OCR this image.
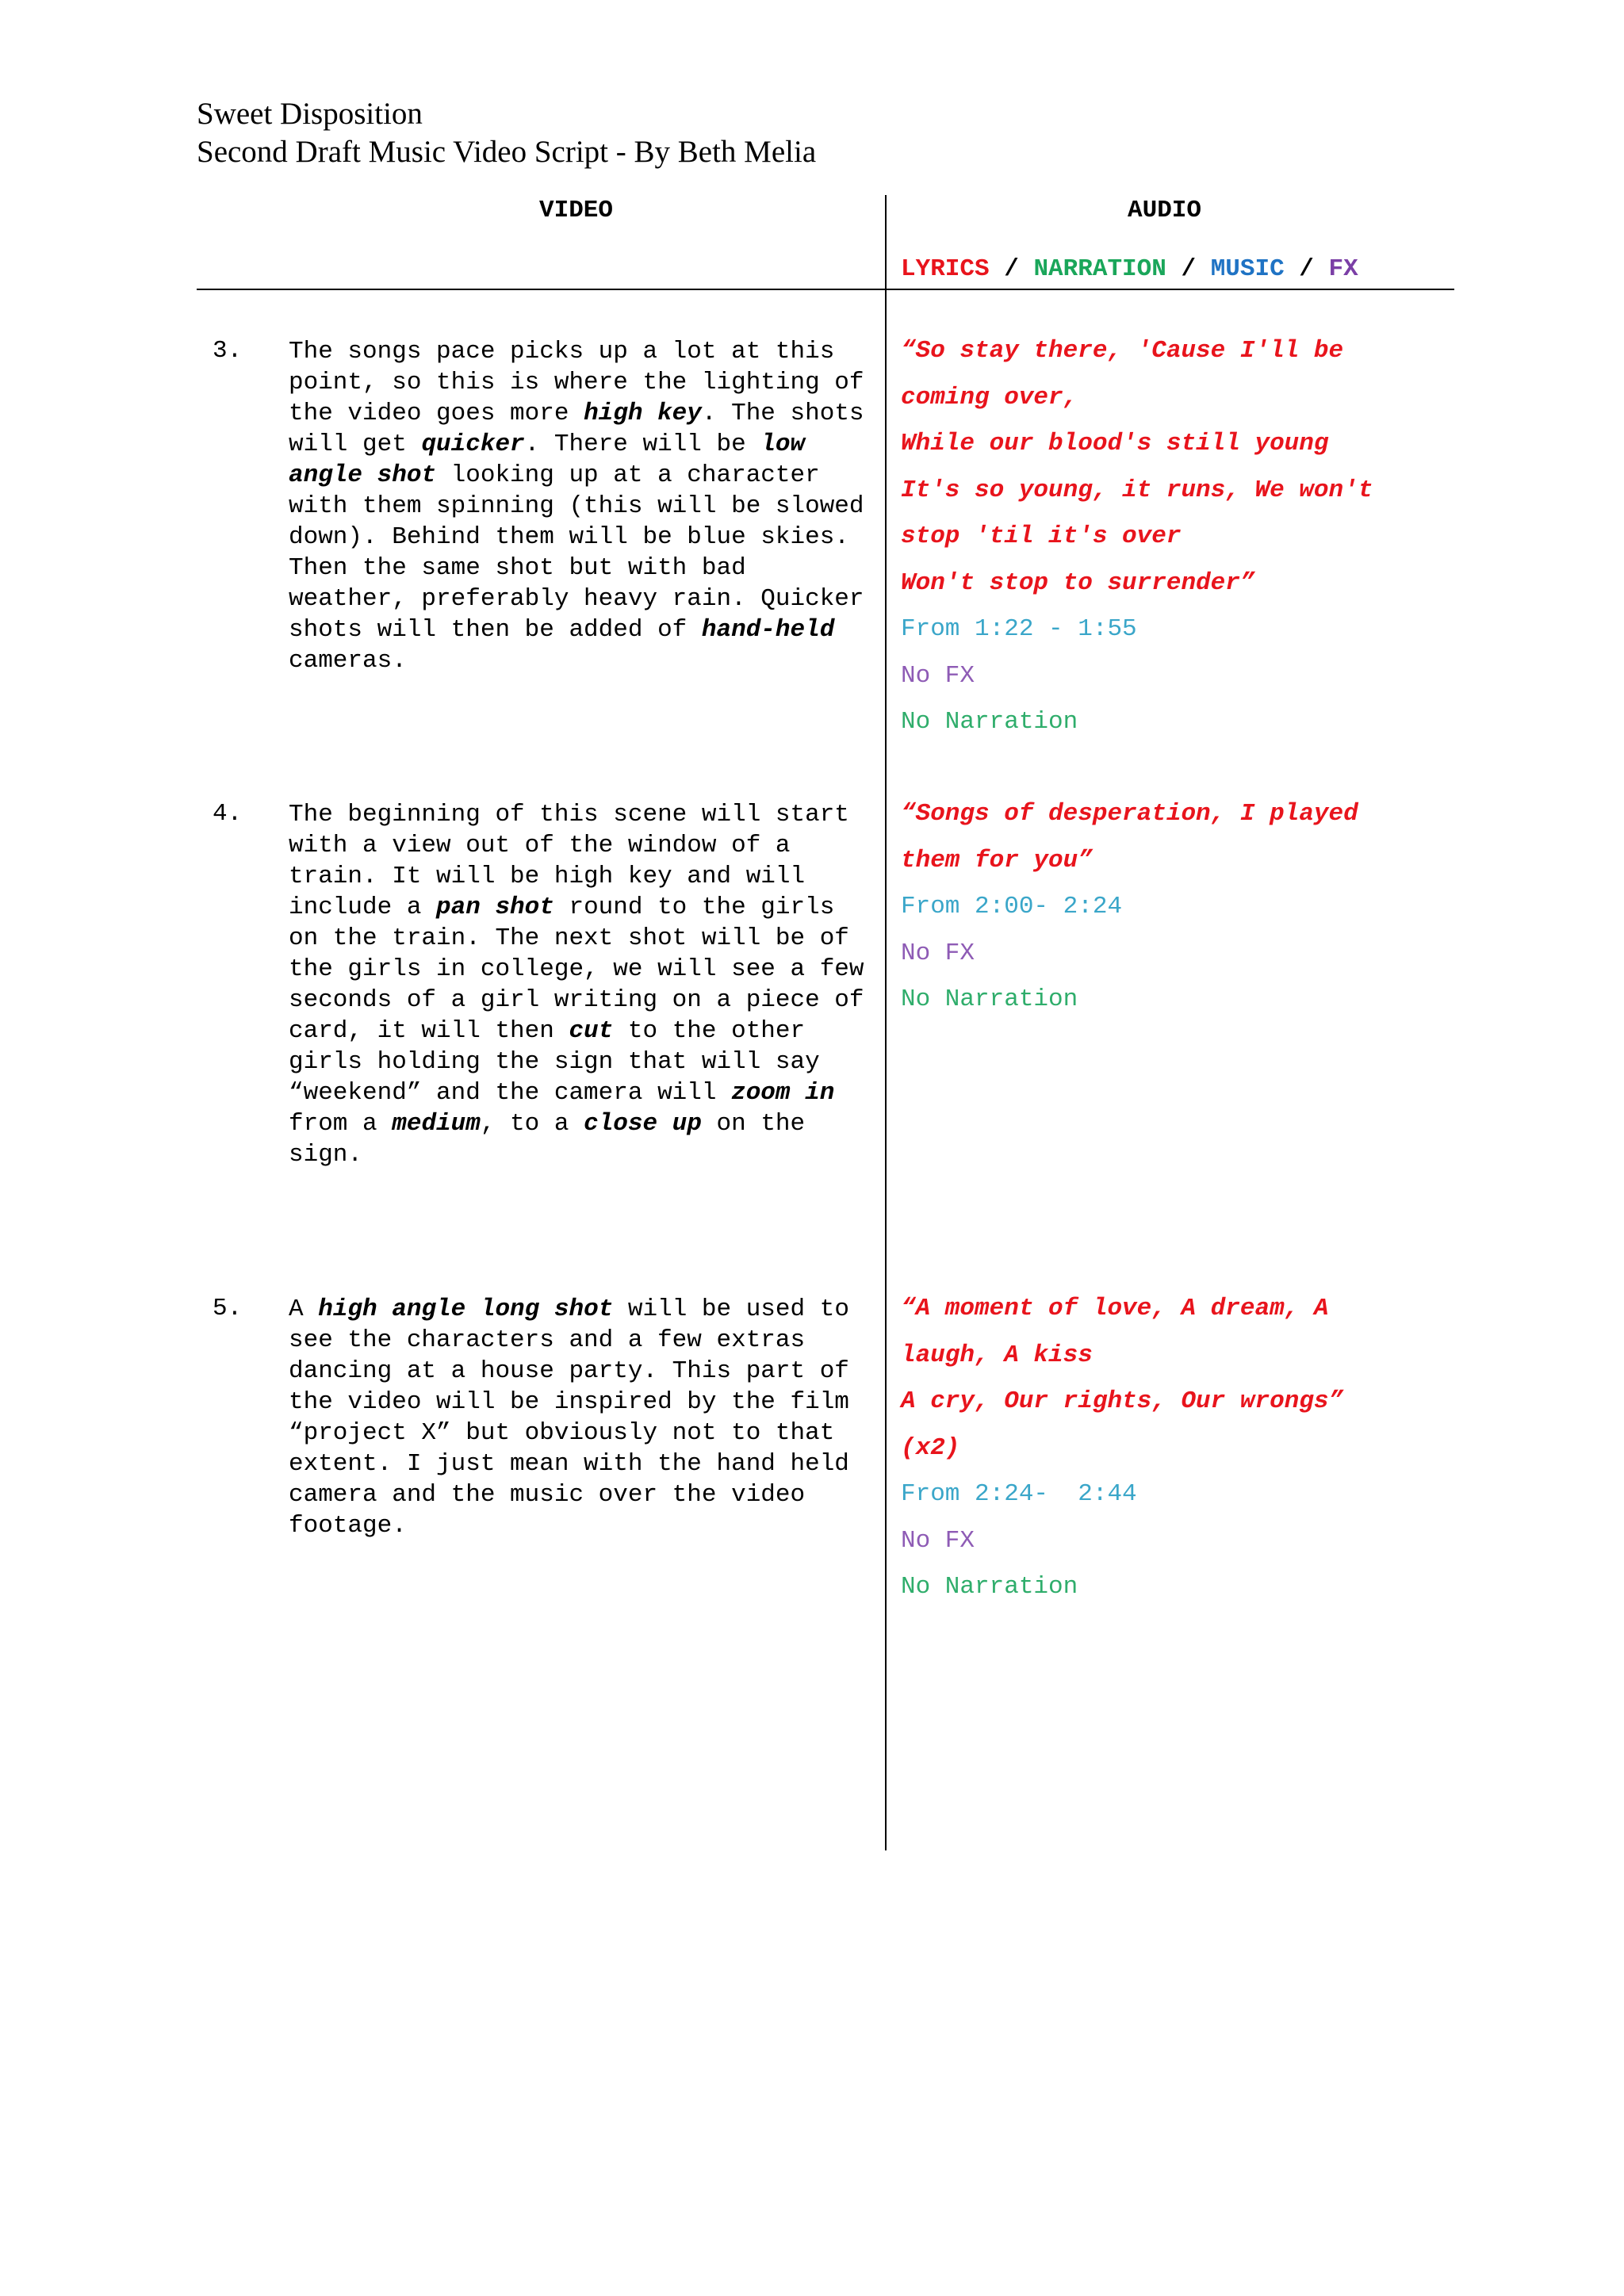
Sweet Disposition
Second Draft Music Video Script - By Beth Melia
VIDEO	AUDIO
LYRICS / NARRATION / MUSIC / FX
3. The songs pace picks up a lot at this point, so this is where the lighting of the video goes more high key. The shots will get quicker. There will be low angle shot looking up at a character with them spinning (this will be slowed down). Behind them will be blue skies. Then the same shot but with bad weather, preferably heavy rain. Quicker shots will then be added of hand-held cameras.
“So stay there, 'Cause I'll be
coming over,
While our blood's still young
It's so young, it runs, We won't
stop 'til it's over
Won't stop to surrender”
From 1:22 - 1:55
No FX
No Narration
4. The beginning of this scene will start with a view out of the window of a train. It will be high key and will include a pan shot round to the girls on the train. The next shot will be of the girls in college, we will see a few seconds of a girl writing on a piece of card, it will then cut to the other girls holding the sign that will say “weekend” and the camera will zoom in from a medium, to a close up on the sign.
“Songs of desperation, I played
them for you”
From 2:00- 2:24
No FX
No Narration
5. A high angle long shot will be used to see the characters and a few extras dancing at a house party. This part of the video will be inspired by the film “project X” but obviously not to that extent. I just mean with the hand held camera and the music over the video footage.
“A moment of love, A dream, A
laugh, A kiss
A cry, Our rights, Our wrongs”
(x2)
From 2:24-  2:44
No FX
No Narration
